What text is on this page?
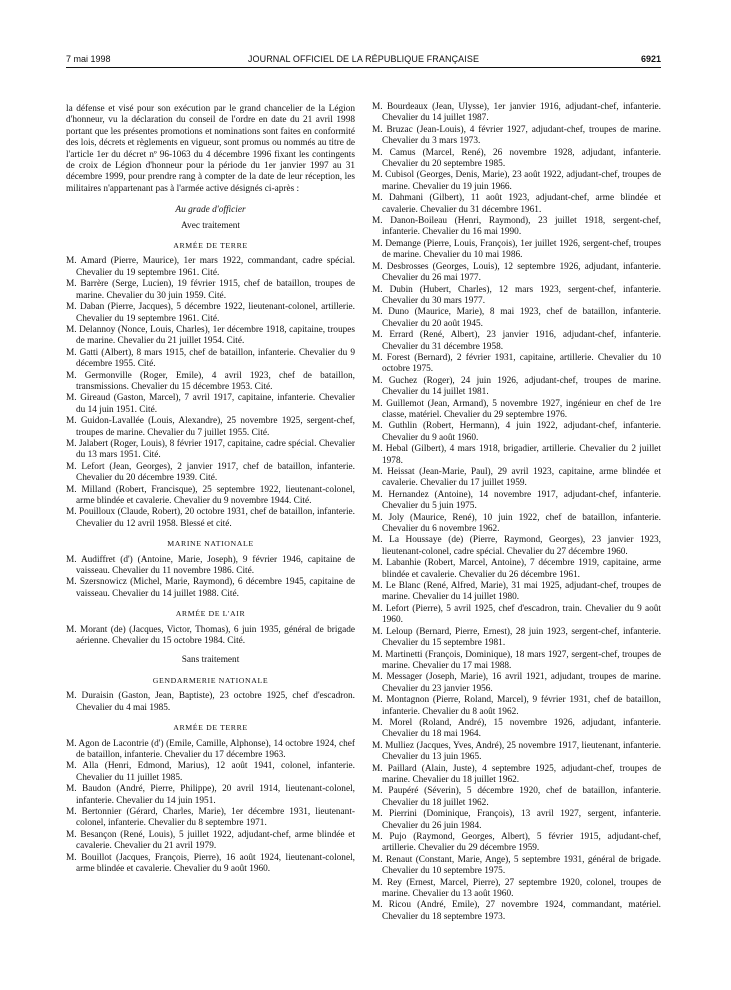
7 mai 1998	JOURNAL OFFICIEL DE LA RÉPUBLIQUE FRANÇAISE	6921

la défense et visé pour son exécution par le grand chancelier de la Légion d'honneur, vu la déclaration du conseil de l'ordre en date du 21 avril 1998 portant que les présentes promotions et nominations sont faites en conformité des lois, décrets et règlements en vigueur, sont promus ou nommés au titre de l'article 1er du décret nº 96-1063 du 4 décembre 1996 fixant les contingents de croix de Légion d'honneur pour la période du 1er janvier 1997 au 31 décembre 1999, pour prendre rang à compter de la date de leur réception, les militaires n'appartenant pas à l'armée active désignés ci-après :

Au grade d'officier
Avec traitement
ARMÉE DE TERRE

M. Amard (Pierre, Maurice), 1er mars 1922, commandant, cadre spécial. Chevalier du 19 septembre 1961. Cité.

M. Barrère (Serge, Lucien), 19 février 1915, chef de bataillon, troupes de marine. Chevalier du 30 juin 1959. Cité.

M. Daban (Pierre, Jacques), 5 décembre 1922, lieutenant-colonel, artillerie. Chevalier du 19 septembre 1961. Cité.

M. Delannoy (Nonce, Louis, Charles), 1er décembre 1918, capitaine, troupes de marine. Chevalier du 21 juillet 1954. Cité.

M. Gatti (Albert), 8 mars 1915, chef de bataillon, infanterie. Chevalier du 9 décembre 1955. Cité.

M. Germonville (Roger, Emile), 4 avril 1923, chef de bataillon, transmissions. Chevalier du 15 décembre 1953. Cité.

M. Gireaud (Gaston, Marcel), 7 avril 1917, capitaine, infanterie. Chevalier du 14 juin 1951. Cité.

M. Guidon-Lavallée (Louis, Alexandre), 25 novembre 1925, sergent-chef, troupes de marine. Chevalier du 7 juillet 1955. Cité.

M. Jalabert (Roger, Louis), 8 février 1917, capitaine, cadre spécial. Chevalier du 13 mars 1951. Cité.

M. Lefort (Jean, Georges), 2 janvier 1917, chef de bataillon, infanterie. Chevalier du 20 décembre 1939. Cité.

M. Milland (Robert, Francisque), 25 septembre 1922, lieutenant-colonel, arme blindée et cavalerie. Chevalier du 9 novembre 1944. Cité.

M. Pouilloux (Claude, Robert), 20 octobre 1931, chef de bataillon, infanterie. Chevalier du 12 avril 1958. Blessé et cité.

MARINE NATIONALE

M. Audiffret (d') (Antoine, Marie, Joseph), 9 février 1946, capitaine de vaisseau. Chevalier du 11 novembre 1986. Cité.

M. Szersnowicz (Michel, Marie, Raymond), 6 décembre 1945, capitaine de vaisseau. Chevalier du 14 juillet 1988. Cité.

ARMÉE DE L'AIR

M. Morant (de) (Jacques, Victor, Thomas), 6 juin 1935, général de brigade aérienne. Chevalier du 15 octobre 1984. Cité.

Sans traitement
GENDARMERIE NATIONALE

M. Duraisin (Gaston, Jean, Baptiste), 23 octobre 1925, chef d'escadron. Chevalier du 4 mai 1985.

ARMÉE DE TERRE

M. Agon de Lacontrie (d') (Emile, Camille, Alphonse), 14 octobre 1924, chef de bataillon, infanterie. Chevalier du 17 décembre 1963.

M. Alla (Henri, Edmond, Marius), 12 août 1941, colonel, infanterie. Chevalier du 11 juillet 1985.

M. Baudon (André, Pierre, Philippe), 20 avril 1914, lieutenant-colonel, infanterie. Chevalier du 14 juin 1951.

M. Bertonnier (Gérard, Charles, Marie), 1er décembre 1931, lieutenant-colonel, infanterie. Chevalier du 8 septembre 1971.

M. Besançon (René, Louis), 5 juillet 1922, adjudant-chef, arme blindée et cavalerie. Chevalier du 21 avril 1979.

M. Bouillot (Jacques, François, Pierre), 16 août 1924, lieutenant-colonel, arme blindée et cavalerie. Chevalier du 9 août 1960.

M. Bourdeaux (Jean, Ulysse), 1er janvier 1916, adjudant-chef, infanterie. Chevalier du 14 juillet 1987.

M. Bruzac (Jean-Louis), 4 février 1927, adjudant-chef, troupes de marine. Chevalier du 3 mars 1973.

M. Camus (Marcel, René), 26 novembre 1928, adjudant, infanterie. Chevalier du 20 septembre 1985.

M. Cubisol (Georges, Denis, Marie), 23 août 1922, adjudant-chef, troupes de marine. Chevalier du 19 juin 1966.

M. Dahmani (Gilbert), 11 août 1923, adjudant-chef, arme blindée et cavalerie. Chevalier du 31 décembre 1961.

M. Danon-Boileau (Henri, Raymond), 23 juillet 1918, sergent-chef, infanterie. Chevalier du 16 mai 1990.

M. Demange (Pierre, Louis, François), 1er juillet 1926, sergent-chef, troupes de marine. Chevalier du 10 mai 1986.

M. Desbrosses (Georges, Louis), 12 septembre 1926, adjudant, infanterie. Chevalier du 26 mai 1977.

M. Dubin (Hubert, Charles), 12 mars 1923, sergent-chef, infanterie. Chevalier du 30 mars 1977.

M. Duno (Maurice, Marie), 8 mai 1923, chef de bataillon, infanterie. Chevalier du 20 août 1945.

M. Errard (René, Albert), 23 janvier 1916, adjudant-chef, infanterie. Chevalier du 31 décembre 1958.

M. Forest (Bernard), 2 février 1931, capitaine, artillerie. Chevalier du 10 octobre 1975.

M. Guchez (Roger), 24 juin 1926, adjudant-chef, troupes de marine. Chevalier du 14 juillet 1981.

M. Guillemot (Jean, Armand), 5 novembre 1927, ingénieur en chef de 1re classe, matériel. Chevalier du 29 septembre 1976.

M. Guthlin (Robert, Hermann), 4 juin 1922, adjudant-chef, infanterie. Chevalier du 9 août 1960.

M. Hebal (Gilbert), 4 mars 1918, brigadier, artillerie. Chevalier du 2 juillet 1978.

M. Heissat (Jean-Marie, Paul), 29 avril 1923, capitaine, arme blindée et cavalerie. Chevalier du 17 juillet 1959.

M. Hernandez (Antoine), 14 novembre 1917, adjudant-chef, infanterie. Chevalier du 5 juin 1975.

M. Joly (Maurice, René), 10 juin 1922, chef de bataillon, infanterie. Chevalier du 6 novembre 1962.

M. La Houssaye (de) (Pierre, Raymond, Georges), 23 janvier 1923, lieutenant-colonel, cadre spécial. Chevalier du 27 décembre 1960.

M. Labanhie (Robert, Marcel, Antoine), 7 décembre 1919, capitaine, arme blindée et cavalerie. Chevalier du 26 décembre 1961.

M. Le Blanc (René, Alfred, Marie), 31 mai 1925, adjudant-chef, troupes de marine. Chevalier du 14 juillet 1980.

M. Lefort (Pierre), 5 avril 1925, chef d'escadron, train. Chevalier du 9 août 1960.

M. Leloup (Bernard, Pierre, Ernest), 28 juin 1923, sergent-chef, infanterie. Chevalier du 15 septembre 1981.

M. Martinetti (François, Dominique), 18 mars 1927, sergent-chef, troupes de marine. Chevalier du 17 mai 1988.

M. Messager (Joseph, Marie), 16 avril 1921, adjudant, troupes de marine. Chevalier du 23 janvier 1956.

M. Montagnon (Pierre, Roland, Marcel), 9 février 1931, chef de bataillon, infanterie. Chevalier du 8 août 1962.

M. Morel (Roland, André), 15 novembre 1926, adjudant, infanterie. Chevalier du 18 mai 1964.

M. Mulliez (Jacques, Yves, André), 25 novembre 1917, lieutenant, infanterie. Chevalier du 13 juin 1965.

M. Paillard (Alain, Juste), 4 septembre 1925, adjudant-chef, troupes de marine. Chevalier du 18 juillet 1962.

M. Paupéré (Séverin), 5 décembre 1920, chef de bataillon, infanterie. Chevalier du 18 juillet 1962.

M. Pierrini (Dominique, François), 13 avril 1927, sergent, infanterie. Chevalier du 26 juin 1984.

M. Pujo (Raymond, Georges, Albert), 5 février 1915, adjudant-chef, artillerie. Chevalier du 29 décembre 1959.

M. Renaut (Constant, Marie, Ange), 5 septembre 1931, général de brigade. Chevalier du 10 septembre 1975.

M. Rey (Ernest, Marcel, Pierre), 27 septembre 1920, colonel, troupes de marine. Chevalier du 13 août 1960.

M. Ricou (André, Emile), 27 novembre 1924, commandant, matériel. Chevalier du 18 septembre 1973.
